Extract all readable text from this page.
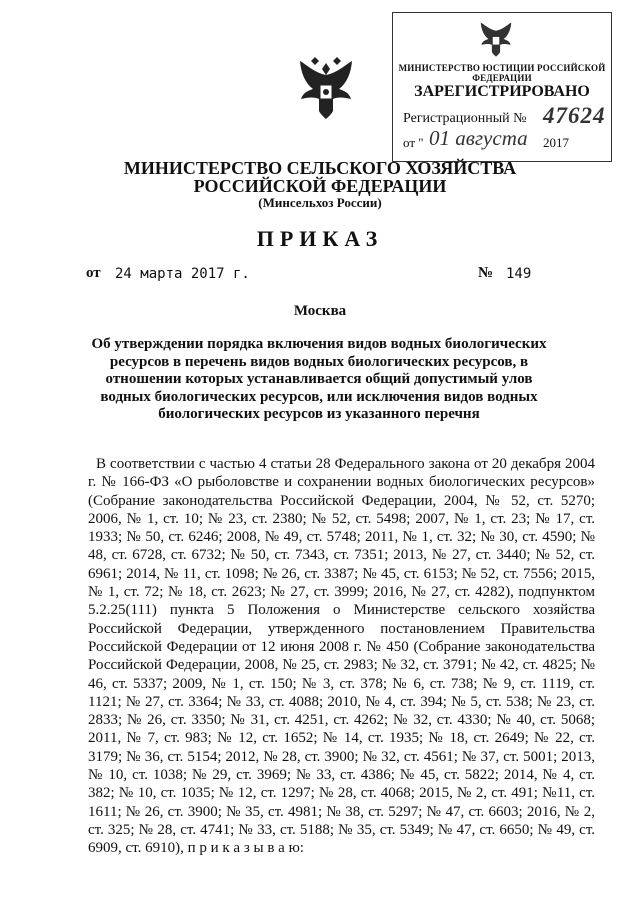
МИНИСТЕРСТВО ЮСТИЦИИ РОССИЙСКОЙ ФЕДЕРАЦИИ
ЗАРЕГИСТРИРОВАНО
Регистрационный № 47624
от " 01 августа 2017
МИНИСТЕРСТВО СЕЛЬСКОГО ХОЗЯЙСТВА
РОССИЙСКОЙ ФЕДЕРАЦИИ
(Минсельхоз России)
ПРИКАЗ
от 24 марта 2017 г.	№ 149
Москва
Об утверждении порядка включения видов водных биологических ресурсов в перечень видов водных биологических ресурсов, в отношении которых устанавливается общий допустимый улов водных биологических ресурсов, или исключения видов водных биологических ресурсов из указанного перечня
В соответствии с частью 4 статьи 28 Федерального закона от 20 декабря 2004 г. № 166-ФЗ «О рыболовстве и сохранении водных биологических ресурсов» (Собрание законодательства Российской Федерации, 2004, № 52, ст. 5270; 2006, № 1, ст. 10; № 23, ст. 2380; № 52, ст. 5498; 2007, № 1, ст. 23; № 17, ст. 1933; № 50, ст. 6246; 2008, № 49, ст. 5748; 2011, № 1, ст. 32; № 30, ст. 4590; № 48, ст. 6728, ст. 6732; № 50, ст. 7343, ст. 7351; 2013, № 27, ст. 3440; № 52, ст. 6961; 2014, № 11, ст. 1098; № 26, ст. 3387; № 45, ст. 6153; № 52, ст. 7556; 2015, № 1, ст. 72; № 18, ст. 2623; № 27, ст. 3999; 2016, № 27, ст. 4282), подпунктом 5.2.25(111) пункта 5 Положения о Министерстве сельского хозяйства Российской Федерации, утвержденного постановлением Правительства Российской Федерации от 12 июня 2008 г. № 450 (Собрание законодательства Российской Федерации, 2008, № 25, ст. 2983; № 32, ст. 3791; № 42, ст. 4825; № 46, ст. 5337; 2009, № 1, ст. 150; № 3, ст. 378; № 6, ст. 738; № 9, ст. 1119, ст. 1121; № 27, ст. 3364; № 33, ст. 4088; 2010, № 4, ст. 394; № 5, ст. 538; № 23, ст. 2833; № 26, ст. 3350; № 31, ст. 4251, ст. 4262; № 32, ст. 4330; № 40, ст. 5068; 2011, № 7, ст. 983; № 12, ст. 1652; № 14, ст. 1935; № 18, ст. 2649; № 22, ст. 3179; № 36, ст. 5154; 2012, № 28, ст. 3900; № 32, ст. 4561; № 37, ст. 5001; 2013, № 10, ст. 1038; № 29, ст. 3969; № 33, ст. 4386; № 45, ст. 5822; 2014, № 4, ст. 382; № 10, ст. 1035; № 12, ст. 1297; № 28, ст. 4068; 2015, № 2, ст. 491; №11, ст. 1611; № 26, ст. 3900; № 35, ст. 4981; № 38, ст. 5297; № 47, ст. 6603; 2016, № 2, ст. 325; № 28, ст. 4741; № 33, ст. 5188; № 35, ст. 5349; № 47, ст. 6650; № 49, ст. 6909, ст. 6910), п р и к а з ы в а ю:
